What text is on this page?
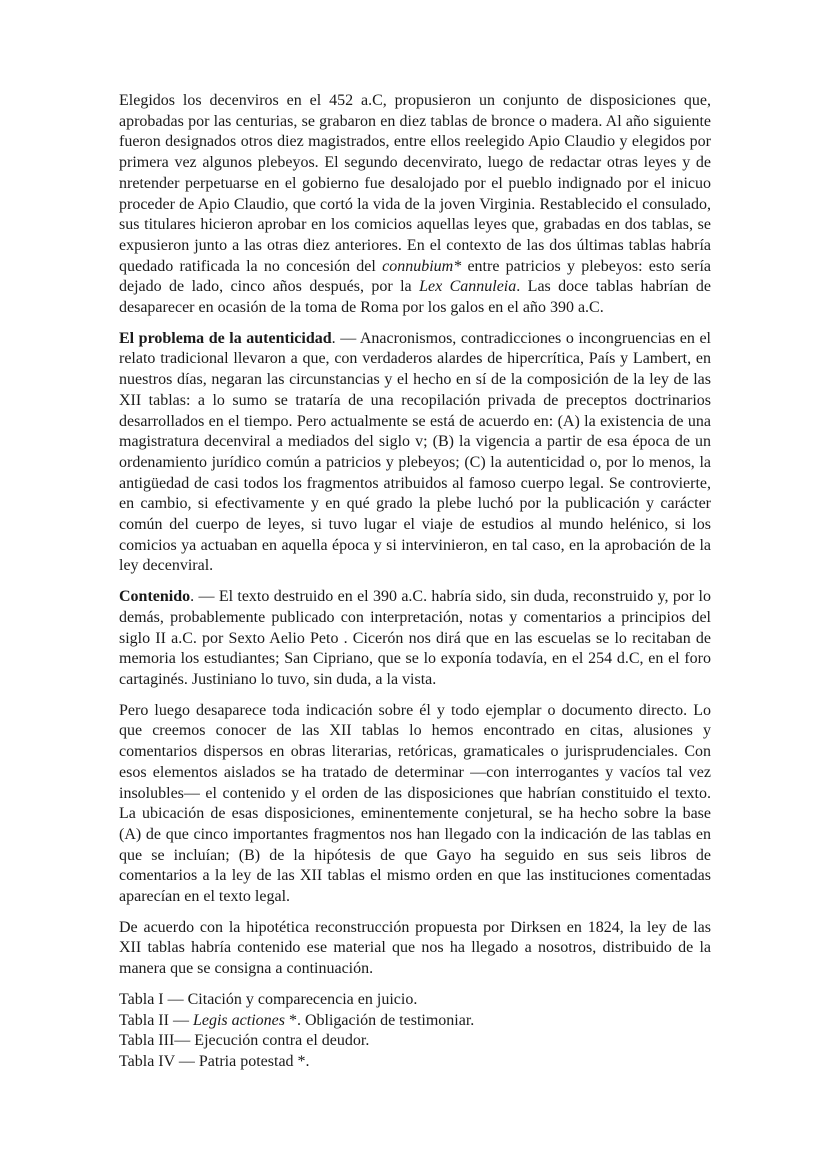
Elegidos los decenviros en el 452 a.C, propusieron un conjunto de disposiciones que, aprobadas por las centurias, se grabaron en diez tablas de bronce o madera. Al año siguiente fueron designados otros diez magistrados, entre ellos reelegido Apio Claudio y elegidos por primera vez algunos plebeyos. El segundo decenvirato, luego de redactar otras leyes y de nretender perpetuarse en el gobierno fue desalojado por el pueblo indignado por el inicuo proceder de Apio Claudio, que cortó la vida de la joven Virginia. Restablecido el consulado, sus titulares hicieron aprobar en los comicios aquellas leyes que, grabadas en dos tablas, se expusieron junto a las otras diez anteriores. En el contexto de las dos últimas tablas habría quedado ratificada la no concesión del connubium* entre patricios y plebeyos: esto sería dejado de lado, cinco años después, por la Lex Cannuleia. Las doce tablas habrían de desaparecer en ocasión de la toma de Roma por los galos en el año 390 a.C.

El problema de la autenticidad. — Anacronismos, contradicciones o incongruencias en el relato tradicional llevaron a que, con verdaderos alardes de hipercrítica, País y Lambert, en nuestros días, negaran las circunstancias y el hecho en sí de la composición de la ley de las XII tablas: a lo sumo se trataría de una recopilación privada de preceptos doctrinarios desarrollados en el tiempo. Pero actualmente se está de acuerdo en: (A) la existencia de una magistratura decenviral a mediados del siglo v; (B) la vigencia a partir de esa época de un ordenamiento jurídico común a patricios y plebeyos; (C) la autenticidad o, por lo menos, la antigüedad de casi todos los fragmentos atribuidos al famoso cuerpo legal. Se controvierte, en cambio, si efectivamente y en qué grado la plebe luchó por la publicación y carácter común del cuerpo de leyes, si tuvo lugar el viaje de estudios al mundo helénico, si los comicios ya actuaban en aquella época y si intervinieron, en tal caso, en la aprobación de la ley decenviral.

Contenido. — El texto destruido en el 390 a.C. habría sido, sin duda, reconstruido y, por lo demás, probablemente publicado con interpretación, notas y comentarios a principios del siglo II a.C. por Sexto Aelio Peto . Cicerón nos dirá que en las escuelas se lo recitaban de memoria los estudiantes; San Cipriano, que se lo exponía todavía, en el 254 d.C, en el foro cartaginés. Justiniano lo tuvo, sin duda, a la vista.

Pero luego desaparece toda indicación sobre él y todo ejemplar o documento directo. Lo que creemos conocer de las XII tablas lo hemos encontrado en citas, alusiones y comentarios dispersos en obras literarias, retóricas, gramaticales o jurisprudenciales. Con esos elementos aislados se ha tratado de determinar —con interrogantes y vacíos tal vez insolubles— el contenido y el orden de las disposiciones que habrían constituido el texto. La ubicación de esas disposiciones, eminentemente conjetural, se ha hecho sobre la base (A) de que cinco importantes fragmentos nos han llegado con la indicación de las tablas en que se incluían; (B) de la hipótesis de que Gayo ha seguido en sus seis libros de comentarios a la ley de las XII tablas el mismo orden en que las instituciones comentadas aparecían en el texto legal.

De acuerdo con la hipotética reconstrucción propuesta por Dirksen en 1824, la ley de las XII tablas habría contenido ese material que nos ha llegado a nosotros, distribuido de la manera que se consigna a continuación.

Tabla I — Citación y comparecencia en juicio.

Tabla II — Legis actiones *. Obligación de testimoniar.

Tabla III— Ejecución contra el deudor.

Tabla IV — Patria potestad *.
